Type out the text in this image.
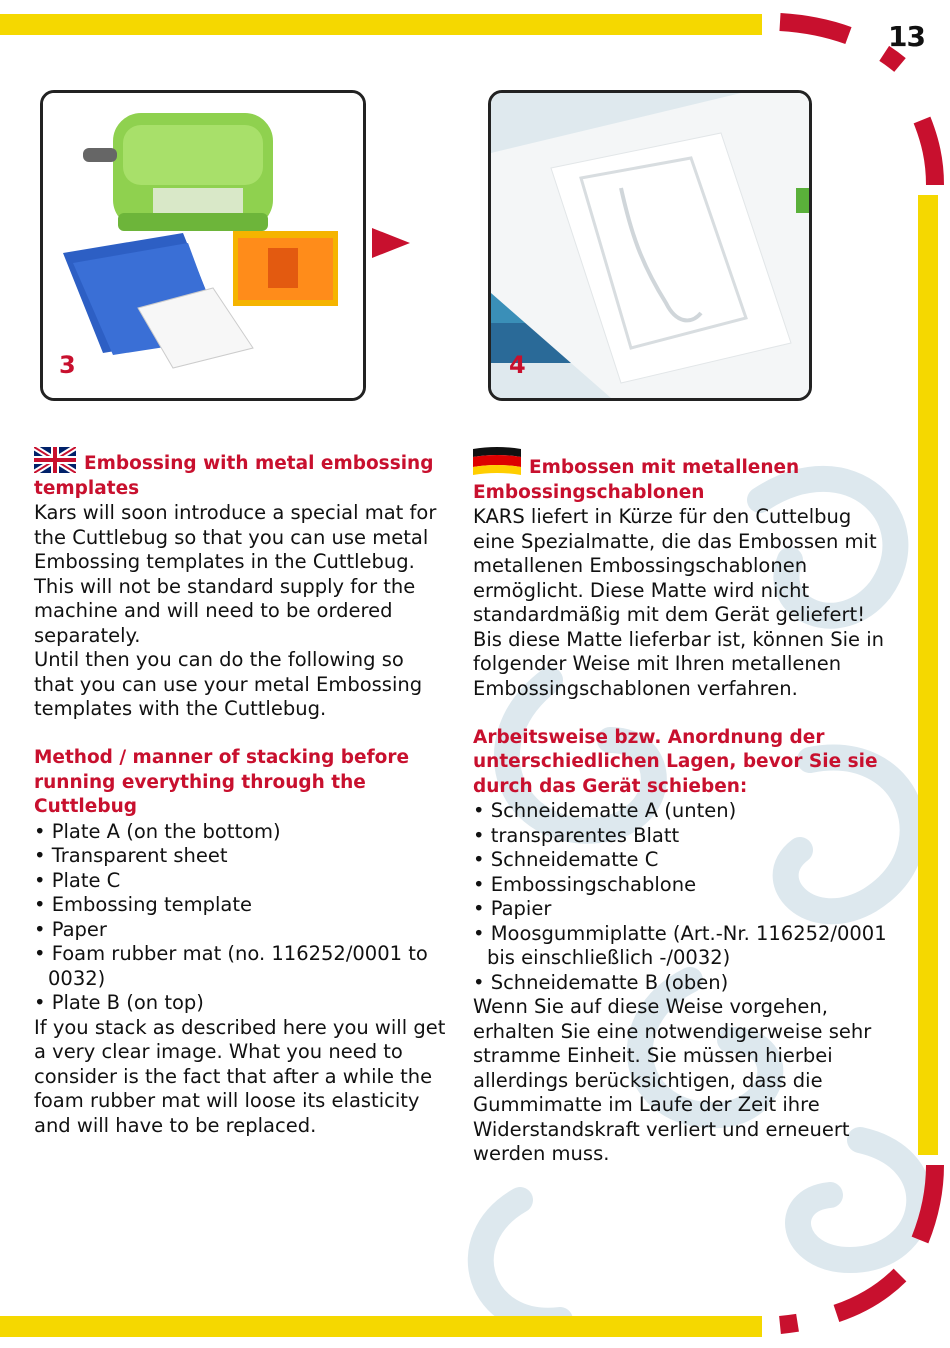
13
3	4

Embossing with metal embossing templates

Kars will soon introduce a special mat for the Cuttlebug so that you can use metal Embossing templates in the Cuttlebug. This will not be standard supply for the machine and will need to be ordered separately.

Until then you can do the following so that you can use your metal Embossing templates with the Cuttlebug.

Method / manner of stacking before running everything through the Cuttlebug

• Plate A (on the bottom)
• Transparent sheet
• Plate C
• Embossing template
• Paper
• Foam rubber mat (no. 116252/0001 to 0032)
• Plate B (on top)

If you stack as described here you will get a very clear image. What you need to consider is the fact that after a while the foam rubber mat will loose its elasticity and will have to be replaced.

Embossen mit metallenen Embossingschablonen

KARS liefert in Kürze für den Cuttelbug eine Spezialmatte, die das Embossen mit metallenen Embossingschablonen ermöglicht. Diese Matte wird nicht standardmäßig mit dem Gerät geliefert!

Bis diese Matte lieferbar ist, können Sie in folgender Weise mit Ihren metallenen Embossingschablonen verfahren.

Arbeitsweise bzw. Anordnung der unterschiedlichen Lagen, bevor Sie sie durch das Gerät schieben:

• Schneidematte A (unten)
• transparentes Blatt
• Schneidematte C
• Embossingschablone
• Papier
• Moosgummiplatte (Art.-Nr. 116252/0001 bis einschließlich -/0032)
• Schneidematte B (oben)

Wenn Sie auf diese Weise vorgehen, erhalten Sie eine notwendigerweise sehr stramme Einheit. Sie müssen hierbei allerdings berücksichtigen, dass die Gummimatte im Laufe der Zeit ihre Widerstandskraft verliert und erneuert werden muss.
